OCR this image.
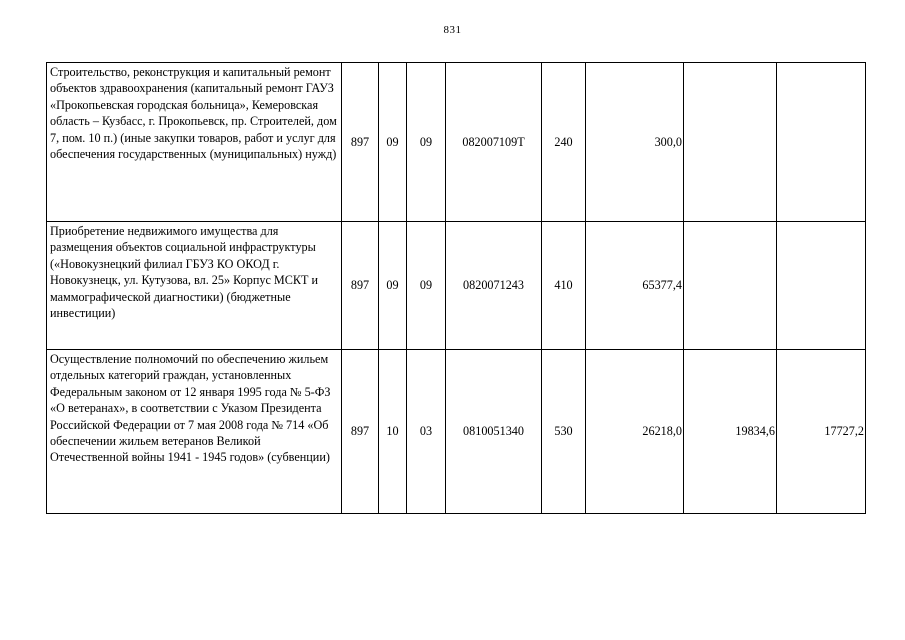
831
Строительство, реконструкция и капитальный ремонт объектов здравоохранения (капитальный ремонт ГАУЗ «Прокопьевская городская больница», Кемеровская область – Кузбасс, г. Прокопьевск, пр. Строителей, дом 7, пом. 10 п.) (иные закупки товаров, работ и услуг для обеспечения государственных (муниципальных) нужд)	897	09	09	082007109Т	240	300,0		
Приобретение недвижимого имущества для размещения объектов социальной инфраструктуры («Новокузнецкий филиал ГБУЗ КО ОКОД г. Новокузнецк, ул. Кутузова, вл. 25» Корпус МСКТ и маммографической диагностики) (бюджетные инвестиции)	897	09	09	0820071243	410	65377,4		
Осуществление полномочий по обеспечению жильем отдельных категорий граждан, установленных Федеральным законом от 12 января 1995 года № 5-ФЗ «О ветеранах», в соответствии с Указом Президента Российской Федерации от 7 мая 2008 года № 714 «Об обеспечении жильем ветеранов Великой Отечественной войны 1941 - 1945 годов» (субвенции)	897	10	03	0810051340	530	26218,0	19834,6	17727,2
